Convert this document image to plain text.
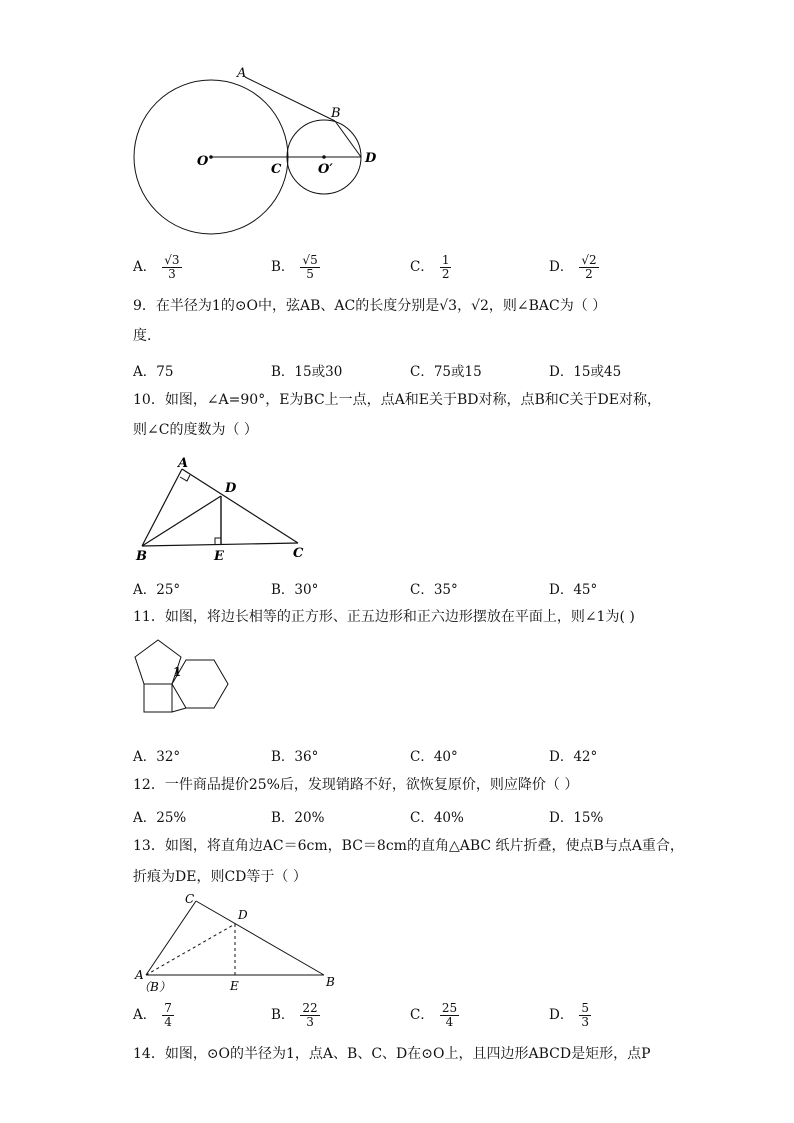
A
B
O
C	O′
D
A． $\frac{√3}{3}$	B． $\frac{√5}{5}$	C． $\frac{1}{2}$	D． $\frac{√2}{2}$
9．在半径为1的⊙O中，弦AB、AC的长度分别是√3，√2，则∠BAC为（ ）
度．
A．75	B．15或30	C．75或15	D．15或45
10．如图，∠A=90°，E为BC上一点，点A和E关于BD对称，点B和C关于DE对称，
则∠C的度数为（ ）
A
D
B	E	C
A．25°	B．30°	C．35°	D．45°
11．如图，将边长相等的正方形、正五边形和正六边形摆放在平面上，则∠1为( )
1
A．32°	B．36°	C．40°	D．42°
12．一件商品提价25%后，发现销路不好，欲恢复原价，则应降价（ ）
A．25%	B．20%	C．40%	D．15%
13．如图，将直角边AC＝6cm，BC＝8cm的直角△ABC 纸片折叠，使点B与点A重合，
折痕为DE，则CD等于（ ）
C
D
A
（B）	E	B
A． $\frac{7}{4}$	B． $\frac{22}{3}$	C． $\frac{25}{4}$	D． $\frac{5}{3}$
14．如图，⊙O的半径为1，点A、B、C、D在⊙O上，且四边形ABCD是矩形，点P
